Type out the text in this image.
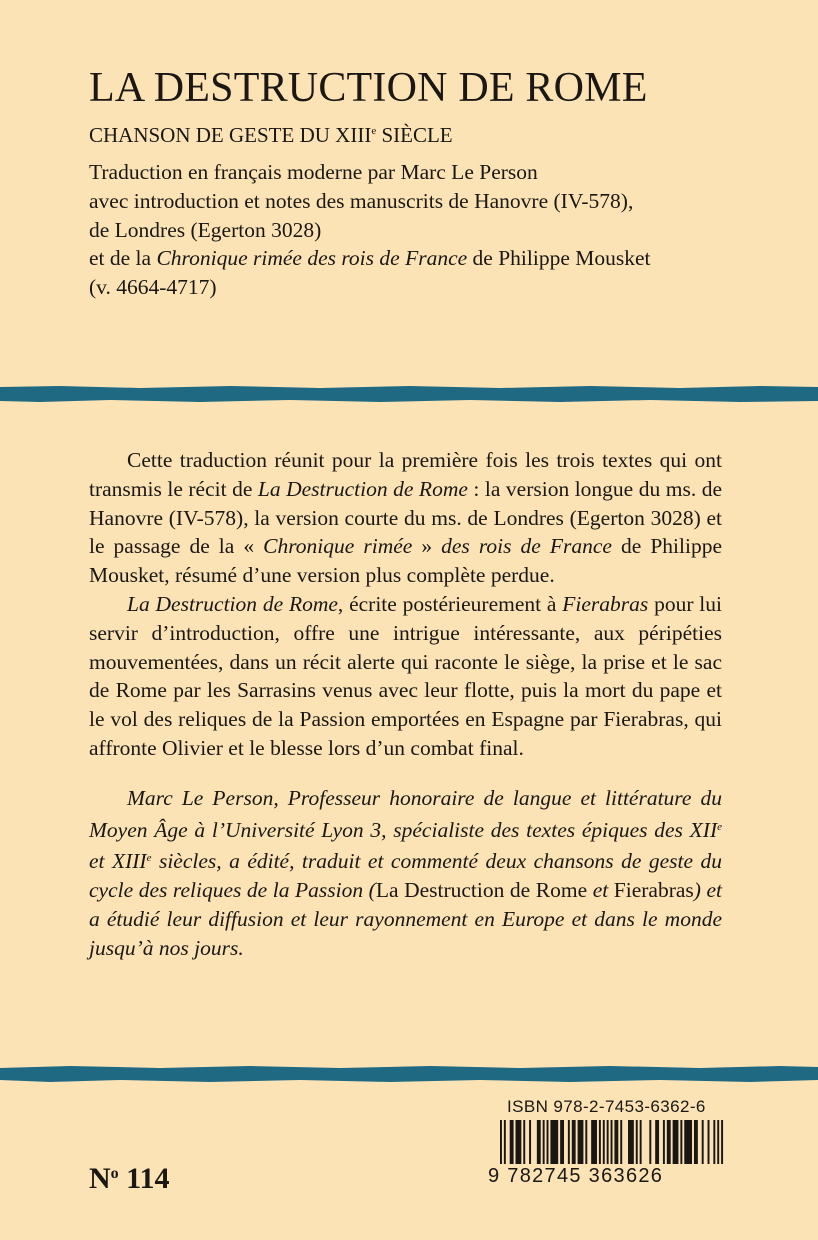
LA DESTRUCTION DE ROME
CHANSON DE GESTE DU XIIIe SIÈCLE
Traduction en français moderne par Marc Le Person
avec introduction et notes des manuscrits de Hanovre (IV-578),
de Londres (Egerton 3028)
et de la Chronique rimée des rois de France de Philippe Mousket
(v. 4664-4717)

Cette traduction réunit pour la première fois les trois textes qui ont transmis le récit de La Destruction de Rome : la version longue du ms. de Hanovre (IV-578), la version courte du ms. de Londres (Egerton 3028) et le passage de la « Chronique rimée » des rois de France de Philippe Mousket, résumé d’une version plus complète perdue.

La Destruction de Rome, écrite postérieurement à Fierabras pour lui servir d’introduction, offre une intrigue intéressante, aux péripéties mouvementées, dans un récit alerte qui raconte le siège, la prise et le sac de Rome par les Sarrasins venus avec leur flotte, puis la mort du pape et le vol des reliques de la Passion emportées en Espagne par Fierabras, qui affronte Olivier et le blesse lors d’un combat final.

Marc Le Person, Professeur honoraire de langue et littérature du Moyen Âge à l’Université Lyon 3, spécialiste des textes épiques des XIIe et XIIIe siècles, a édité, traduit et commenté deux chansons de geste du cycle des reliques de la Passion (La Destruction de Rome et Fierabras) et a étudié leur diffusion et leur rayonnement en Europe et dans le monde jusqu’à nos jours.

$N^o$ 114
ISBN 978-2-7453-6362-6
9 782745 363626
